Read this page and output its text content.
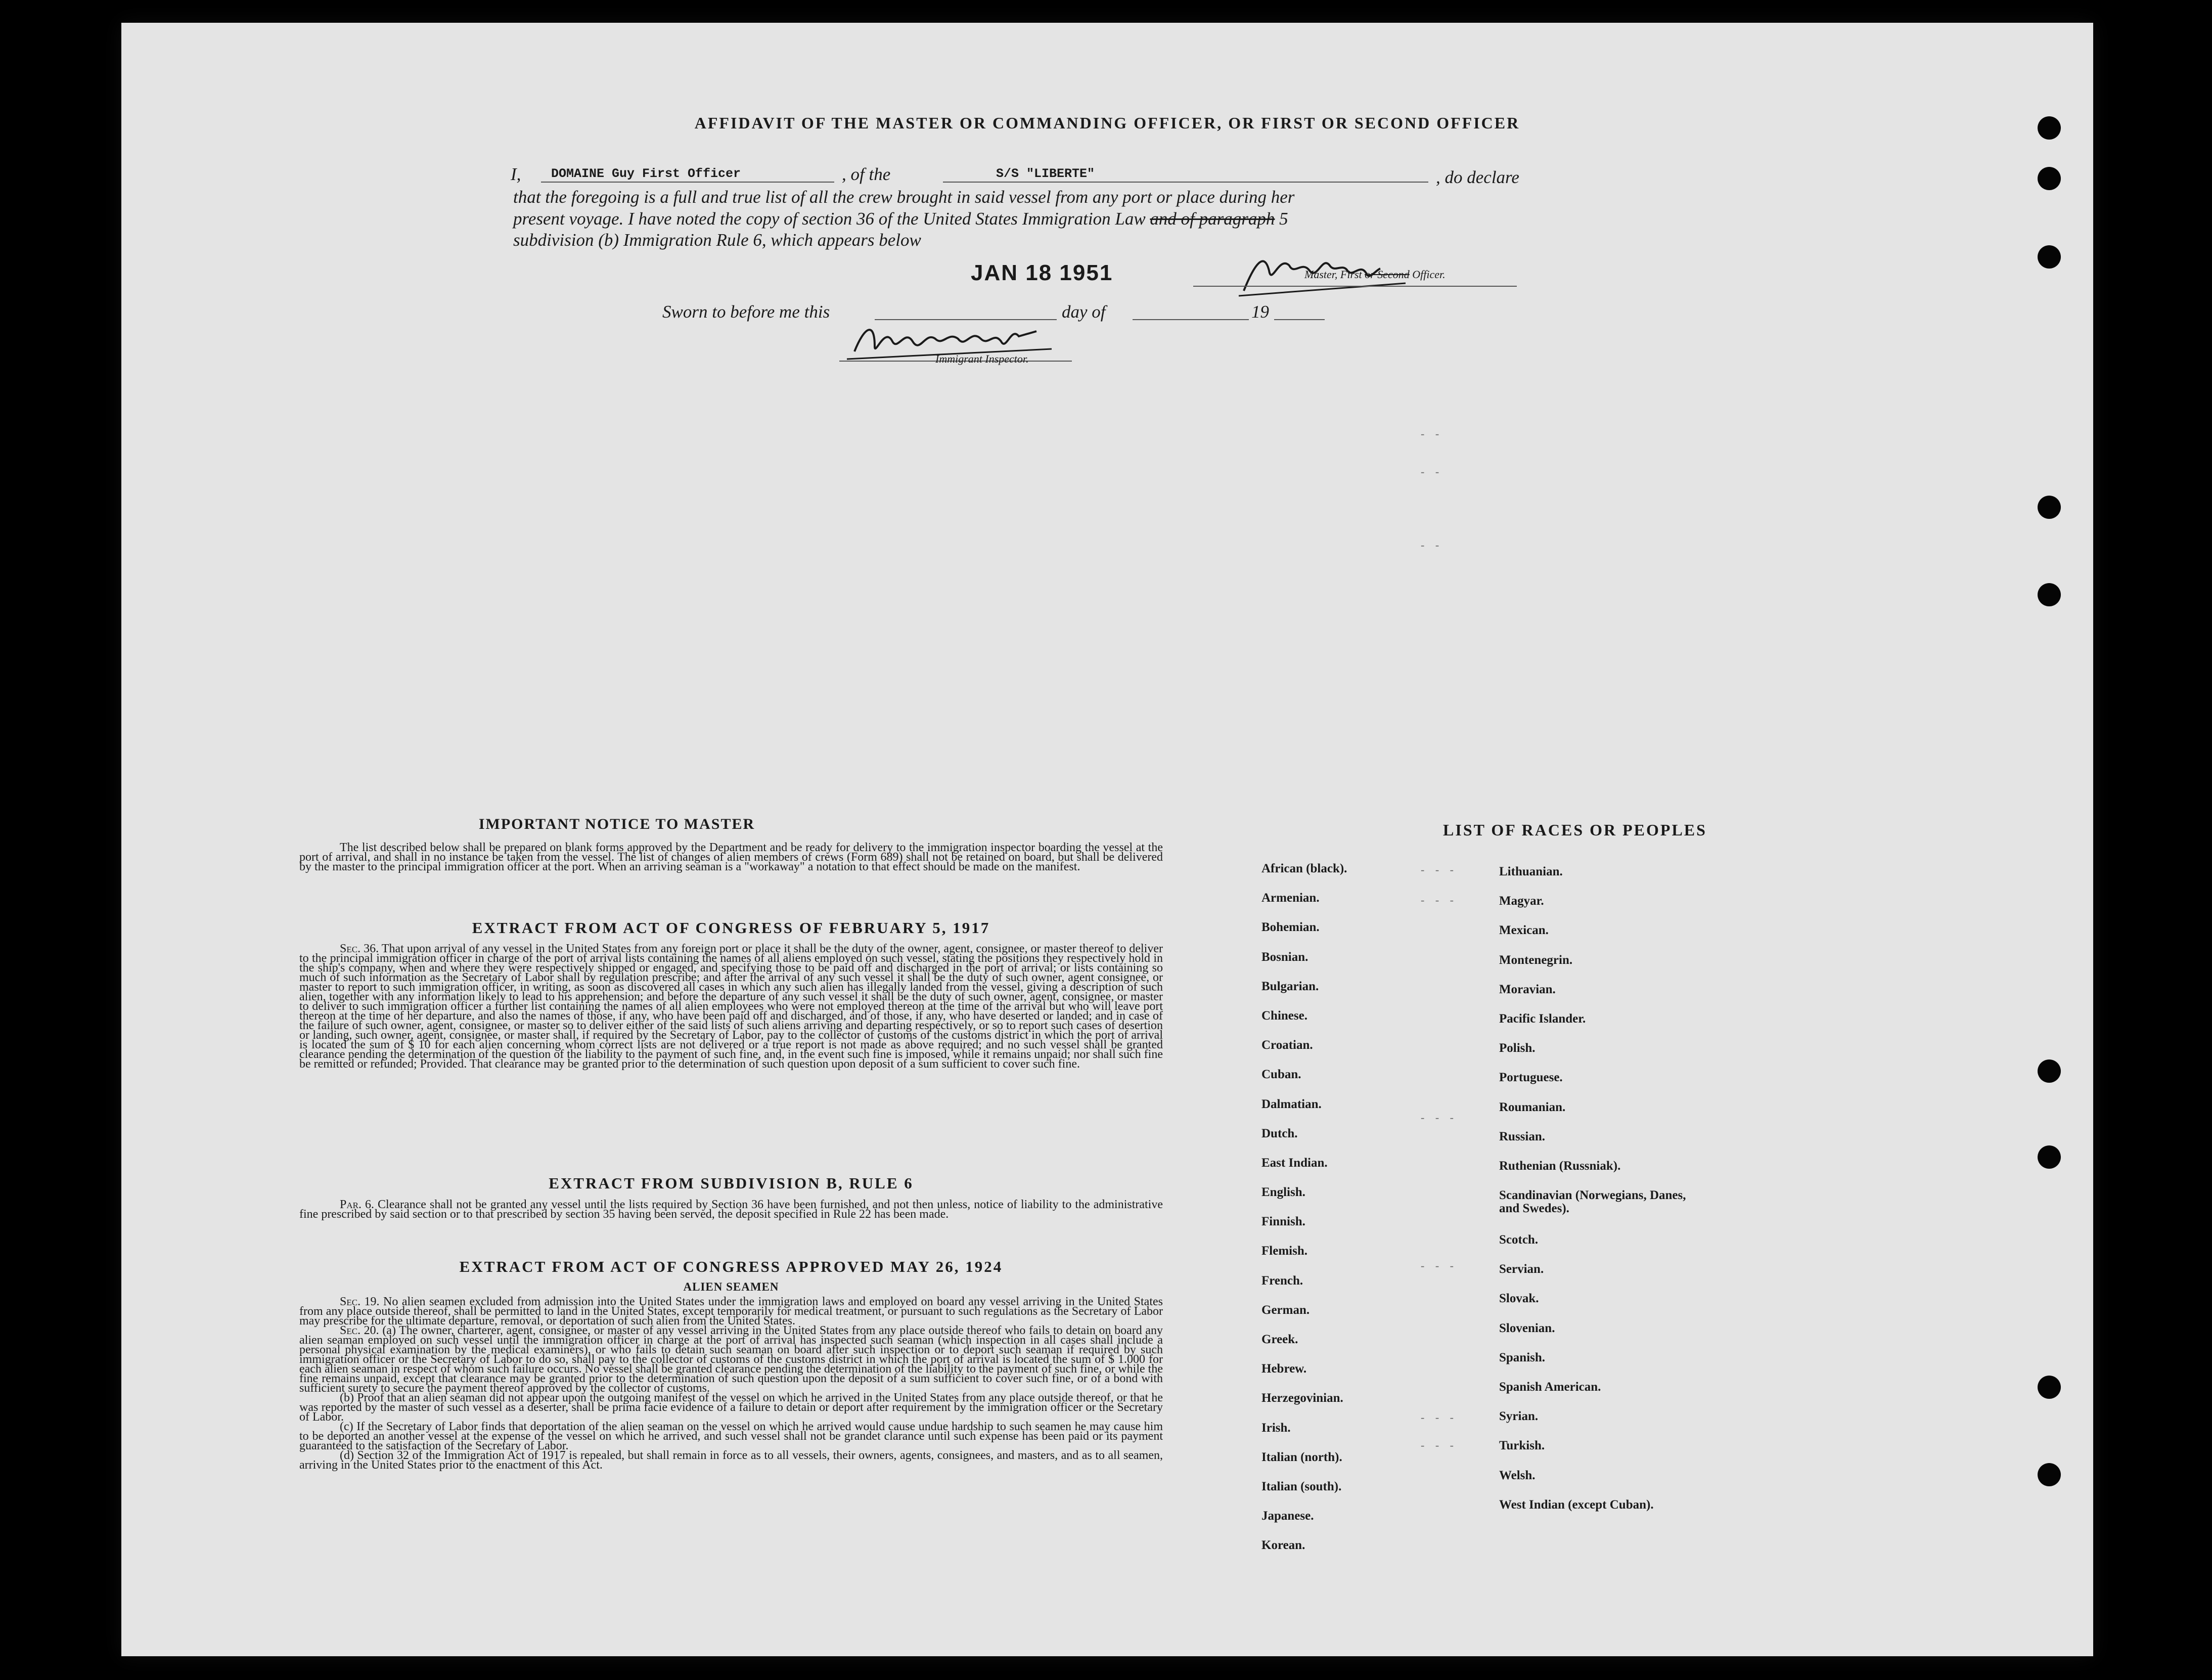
AFFIDAVIT OF THE MASTER OR COMMANDING OFFICER, OR FIRST OR SECOND OFFICER
I, DOMAINE Guy First Officer	, of the	S/S "LIBERTE"	, do declare
that the foregoing is a full and true list of all the crew brought in said vessel from any port or place during her
present voyage. I have noted the copy of section 36 of the United States Immigration Law and of paragraph 5
subdivision (b) Immigration Rule 6, which appears below
JAN 18 1951	Master, First or Second Officer.
Sworn to before me this	day of	19
Immigrant Inspector.
IMPORTANT NOTICE TO MASTER
The list described below shall be prepared on blank forms approved by the Department and be ready for delivery to the immigration inspector boarding the vessel at the port of arrival, and shall in no instance be taken from the vessel. The list of changes of alien members of crews (Form 689) shall not be retained on board, but shall be delivered by the master to the principal immigration officer at the port. When an arriving seaman is a "workaway" a notation to that effect should be made on the manifest.
EXTRACT FROM ACT OF CONGRESS OF FEBRUARY 5, 1917
Sec. 36. That upon arrival of any vessel in the United States from any foreign port or place it shall be the duty of the owner, agent, consignee, or master thereof to deliver to the principal immigration officer in charge of the port of arrival lists containing the names of all aliens employed on such vessel, stating the positions they respectively hold in the ship's company, when and where they were respectively shipped or engaged, and specifying those to be paid off and discharged in the port of arrival; or lists containing so much of such information as the Secretary of Labor shall by regulation prescribe; and after the arrival of any such vessel it shall be the duty of such owner, agent consignee, or master to report to such immigration officer, in writing, as soon as discovered all cases in which any such alien has illegally landed from the vessel, giving a description of such alien, together with any information likely to lead to his apprehension; and before the departure of any such vessel it shall be the duty of such owner, agent, consignee, or master to deliver to such immigration officer a further list containing the names of all alien employees who were not employed thereon at the time of the arrival but who will leave port thereon at the time of her departure, and also the names of those, if any, who have been paid off and discharged, and of those, if any, who have deserted or landed; and in case of the failure of such owner, agent, consignee, or master so to deliver either of the said lists of such aliens arriving and departing respectively, or so to report such cases of desertion or landing, such owner, agent, consignee, or master shall, if required by the Secretary of Labor, pay to the collector of customs of the customs district in which the port of arrival is located the sum of $ 10 for each alien concerning whom correct lists are not delivered or a true report is not made as above required; and no such vessel shall be granted clearance pending the determination of the question of the liability to the payment of such fine, and, in the event such fine is imposed, while it remains unpaid; nor shall such fine be remitted or refunded; Provided. That clearance may be granted prior to the determination of such question upon deposit of a sum sufficient to cover such fine.
EXTRACT FROM SUBDIVISION B, RULE 6
Par. 6. Clearance shall not be granted any vessel until the lists required by Section 36 have been furnished, and not then unless, notice of liability to the administrative fine prescribed by said section or to that prescribed by section 35 having been served, the deposit specified in Rule 22 has been made.
EXTRACT FROM ACT OF CONGRESS APPROVED MAY 26, 1924
ALIEN SEAMEN
Sec. 19. No alien seamen excluded from admission into the United States under the immigration laws and employed on board any vessel arriving in the United States from any place outside thereof, shall be permitted to land in the United States, except temporarily for medical treatment, or pursuant to such regulations as the Secretary of Labor may prescribe for the ultimate departure, removal, or deportation of such alien from the United States.
Sec. 20. (a) The owner, charterer, agent, consignee, or master of any vessel arriving in the United States from any place outside thereof who fails to detain on board any alien seaman employed on such vessel until the immigration officer in charge at the port of arrival has inspected such seaman (which inspection in all cases shall include a personal physical examination by the medical examiners), or who fails to detain such seaman on board after such inspection or to deport such seaman if required by such immigration officer or the Secretary of Labor to do so, shall pay to the collector of customs of the customs district in which the port of arrival is located the sum of $ 1.000 for each alien seaman in respect of whom such failure occurs. No vessel shall be granted clearance pending the determination of the liability to the payment of such fine, or while the fine remains unpaid, except that clearance may be granted prior to the determination of such question upon the deposit of a sum sufficient to cover such fine, or of a bond with sufficient surety to secure the payment thereof approved by the collector of customs.
(b) Proof that an alien seaman did not appear upon the outgoing manifest of the vessel on which he arrived in the United States from any place outside thereof, or that he was reported by the master of such vessel as a deserter, shall be prima facie evidence of a failure to detain or deport after requirement by the immigration officer or the Secretary of Labor.
(c) If the Secretary of Labor finds that deportation of the alien seaman on the vessel on which he arrived would cause undue hardship to such seamen he may cause him to be deported an another vessel at the expense of the vessel on which he arrived, and such vessel shall not be grandet clarance until such expense has been paid or its payment guaranteed to the satisfaction of the Secretary of Labor.
(d) Section 32 of the Immigration Act of 1917 is repealed, but shall remain in force as to all vessels, their owners, agents, consignees, and masters, and as to all seamen, arriving in the United States prior to the enactment of this Act.
LIST OF RACES OR PEOPLES
African (black).
Armenian.
Bohemian.
Bosnian.
Bulgarian.
Chinese.
Croatian.
Cuban.
Dalmatian.
Dutch.
East Indian.
English.
Finnish.
Flemish.
French.
German.
Greek.
Hebrew.
Herzegovinian.
Irish.
Italian (north).
Italian (south).
Japanese.
Korean.
Lithuanian.
Magyar.
Mexican.
Montenegrin.
Moravian.
Pacific Islander.
Polish.
Portuguese.
Roumanian.
Russian.
Ruthenian (Russniak).
Scandinavian (Norwegians, Danes, and Swedes).
Scotch.
Servian.
Slovak.
Slovenian.
Spanish.
Spanish American.
Syrian.
Turkish.
Welsh.
West Indian (except Cuban).
- - -
- - -
- - -
- - -
- - -
- - -
- -
- -
- -
